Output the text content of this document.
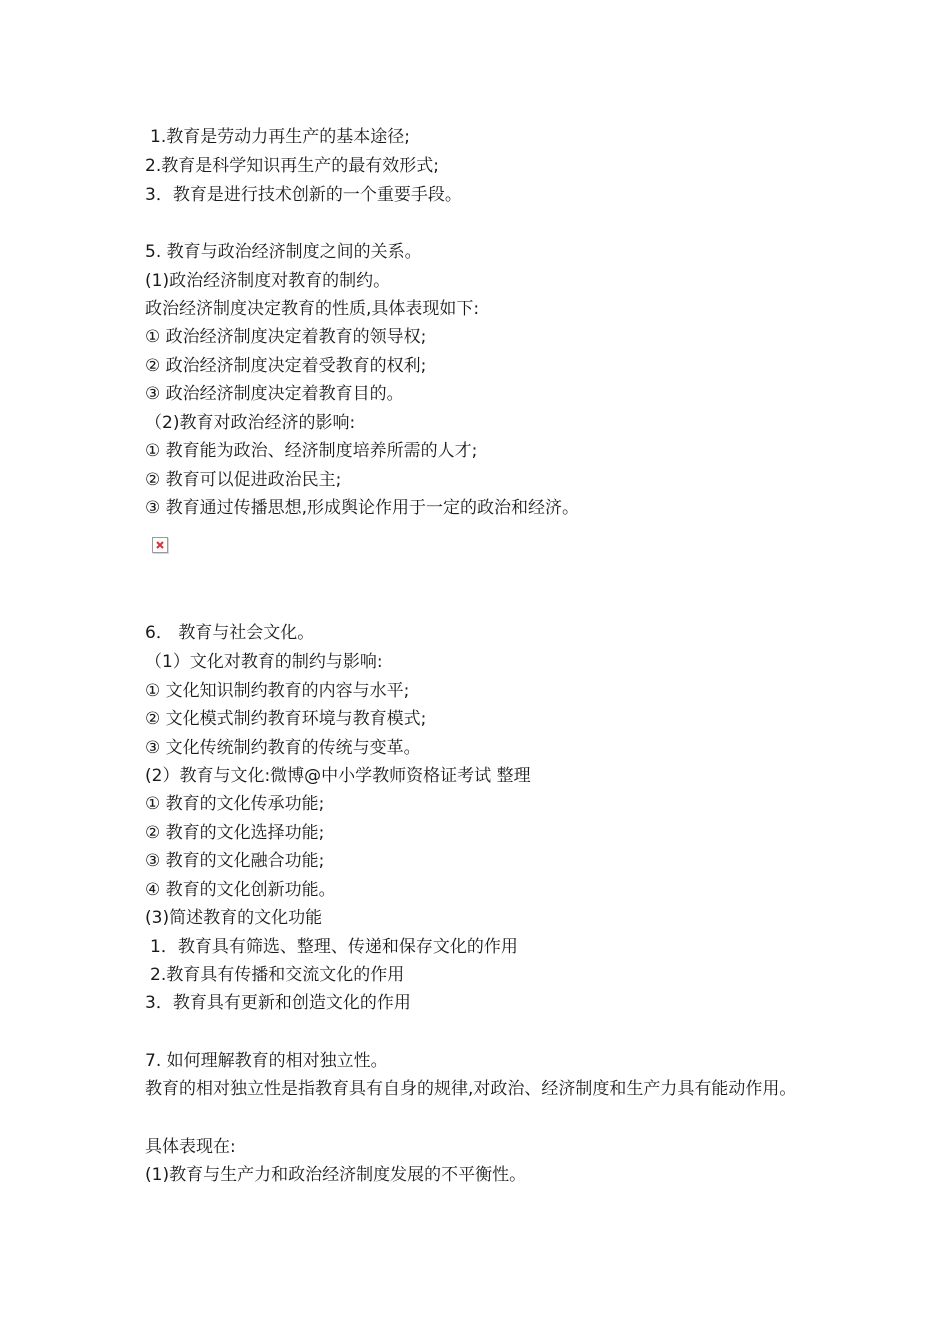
1.教育是劳动力再生产的基本途径;
2.教育是科学知识再生产的最有效形式;
3．教育是进行技术创新的一个重要手段。
5. 教育与政治经济制度之间的关系。
(1)政治经济制度对教育的制约。
政治经济制度决定教育的性质,具体表现如下:
① 政治经济制度决定着教育的领导权;
② 政治经济制度决定着受教育的权利;
③ 政治经济制度决定着教育目的。
（2)教育对政治经济的影响:
① 教育能为政治、经济制度培养所需的人才;
② 教育可以促进政治民主;
③ 教育通过传播思想,形成舆论作用于一定的政治和经济。
6． 教育与社会文化。
（1）文化对教育的制约与影响:
① 文化知识制约教育的内容与水平;
② 文化模式制约教育环境与教育模式;
③ 文化传统制约教育的传统与变革。
(2）教育与文化:微博@中小学教师资格证考试 整理
① 教育的文化传承功能;
② 教育的文化选择功能;
③ 教育的文化融合功能;
④ 教育的文化创新功能。
(3)简述教育的文化功能
1．教育具有筛选、整理、传递和保存文化的作用
2.教育具有传播和交流文化的作用
3．教育具有更新和创造文化的作用
7. 如何理解教育的相对独立性。
教育的相对独立性是指教育具有自身的规律,对政治、经济制度和生产力具有能动作用。
具体表现在:
(1)教育与生产力和政治经济制度发展的不平衡性。
